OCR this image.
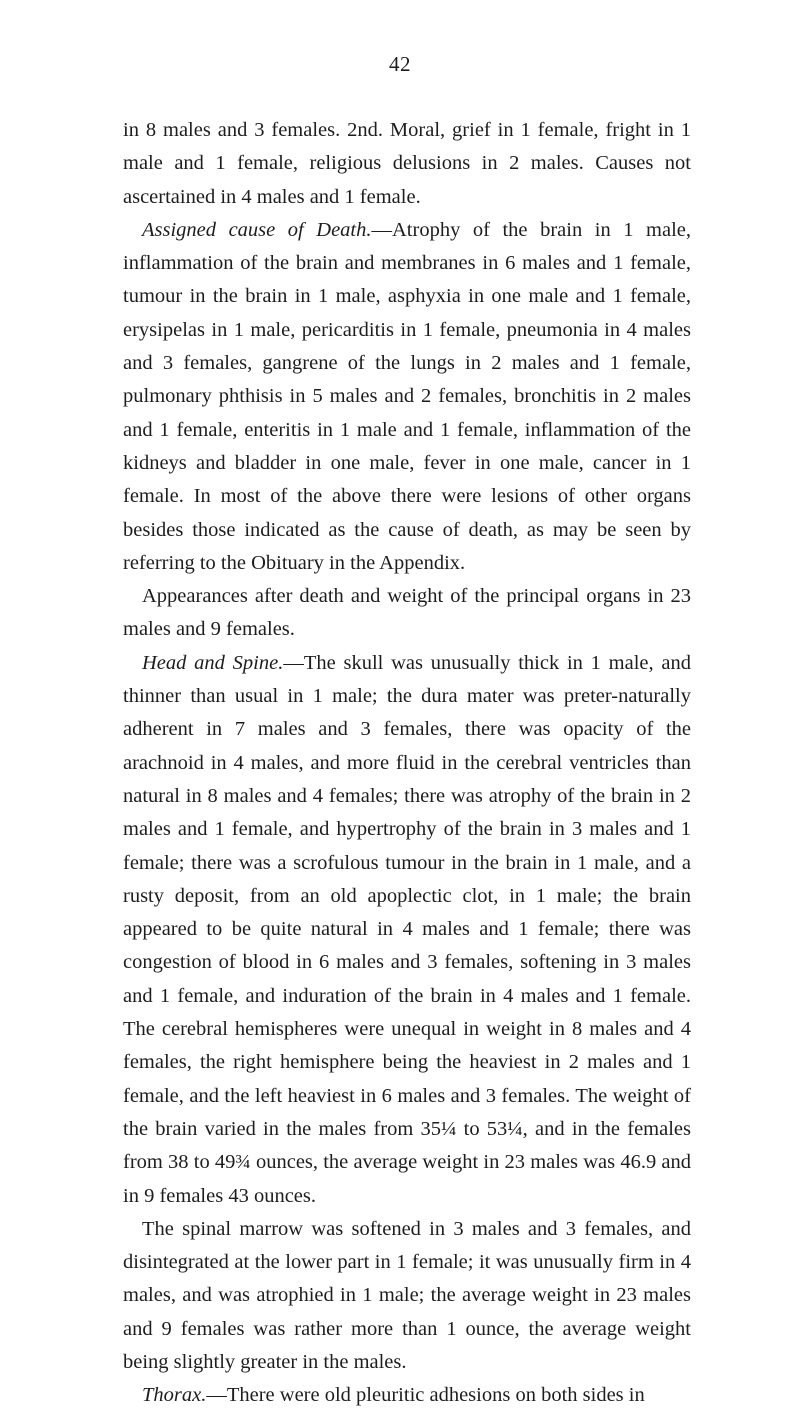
42

in 8 males and 3 females. 2nd. Moral, grief in 1 female, fright in 1 male and 1 female, religious delusions in 2 males. Causes not ascertained in 4 males and 1 female.

Assigned cause of Death.—Atrophy of the brain in 1 male, inflammation of the brain and membranes in 6 males and 1 female, tumour in the brain in 1 male, asphyxia in one male and 1 female, erysipelas in 1 male, pericarditis in 1 female, pneumonia in 4 males and 3 females, gangrene of the lungs in 2 males and 1 female, pulmonary phthisis in 5 males and 2 females, bronchitis in 2 males and 1 female, enteritis in 1 male and 1 female, inflammation of the kidneys and bladder in one male, fever in one male, cancer in 1 female. In most of the above there were lesions of other organs besides those indicated as the cause of death, as may be seen by referring to the Obituary in the Appendix.

Appearances after death and weight of the principal organs in 23 males and 9 females.

Head and Spine.—The skull was unusually thick in 1 male, and thinner than usual in 1 male; the dura mater was preter-naturally adherent in 7 males and 3 females, there was opacity of the arachnoid in 4 males, and more fluid in the cerebral ventricles than natural in 8 males and 4 females; there was atrophy of the brain in 2 males and 1 female, and hypertrophy of the brain in 3 males and 1 female; there was a scrofulous tumour in the brain in 1 male, and a rusty deposit, from an old apoplectic clot, in 1 male; the brain appeared to be quite natural in 4 males and 1 female; there was congestion of blood in 6 males and 3 females, softening in 3 males and 1 female, and induration of the brain in 4 males and 1 female. The cerebral hemispheres were unequal in weight in 8 males and 4 females, the right hemisphere being the heaviest in 2 males and 1 female, and the left heaviest in 6 males and 3 females. The weight of the brain varied in the males from 35¼ to 53¼, and in the females from 38 to 49¾ ounces, the average weight in 23 males was 46.9 and in 9 females 43 ounces.

The spinal marrow was softened in 3 males and 3 females, and disintegrated at the lower part in 1 female; it was unusually firm in 4 males, and was atrophied in 1 male; the average weight in 23 males and 9 females was rather more than 1 ounce, the average weight being slightly greater in the males.

Thorax.—There were old pleuritic adhesions on both sides in
